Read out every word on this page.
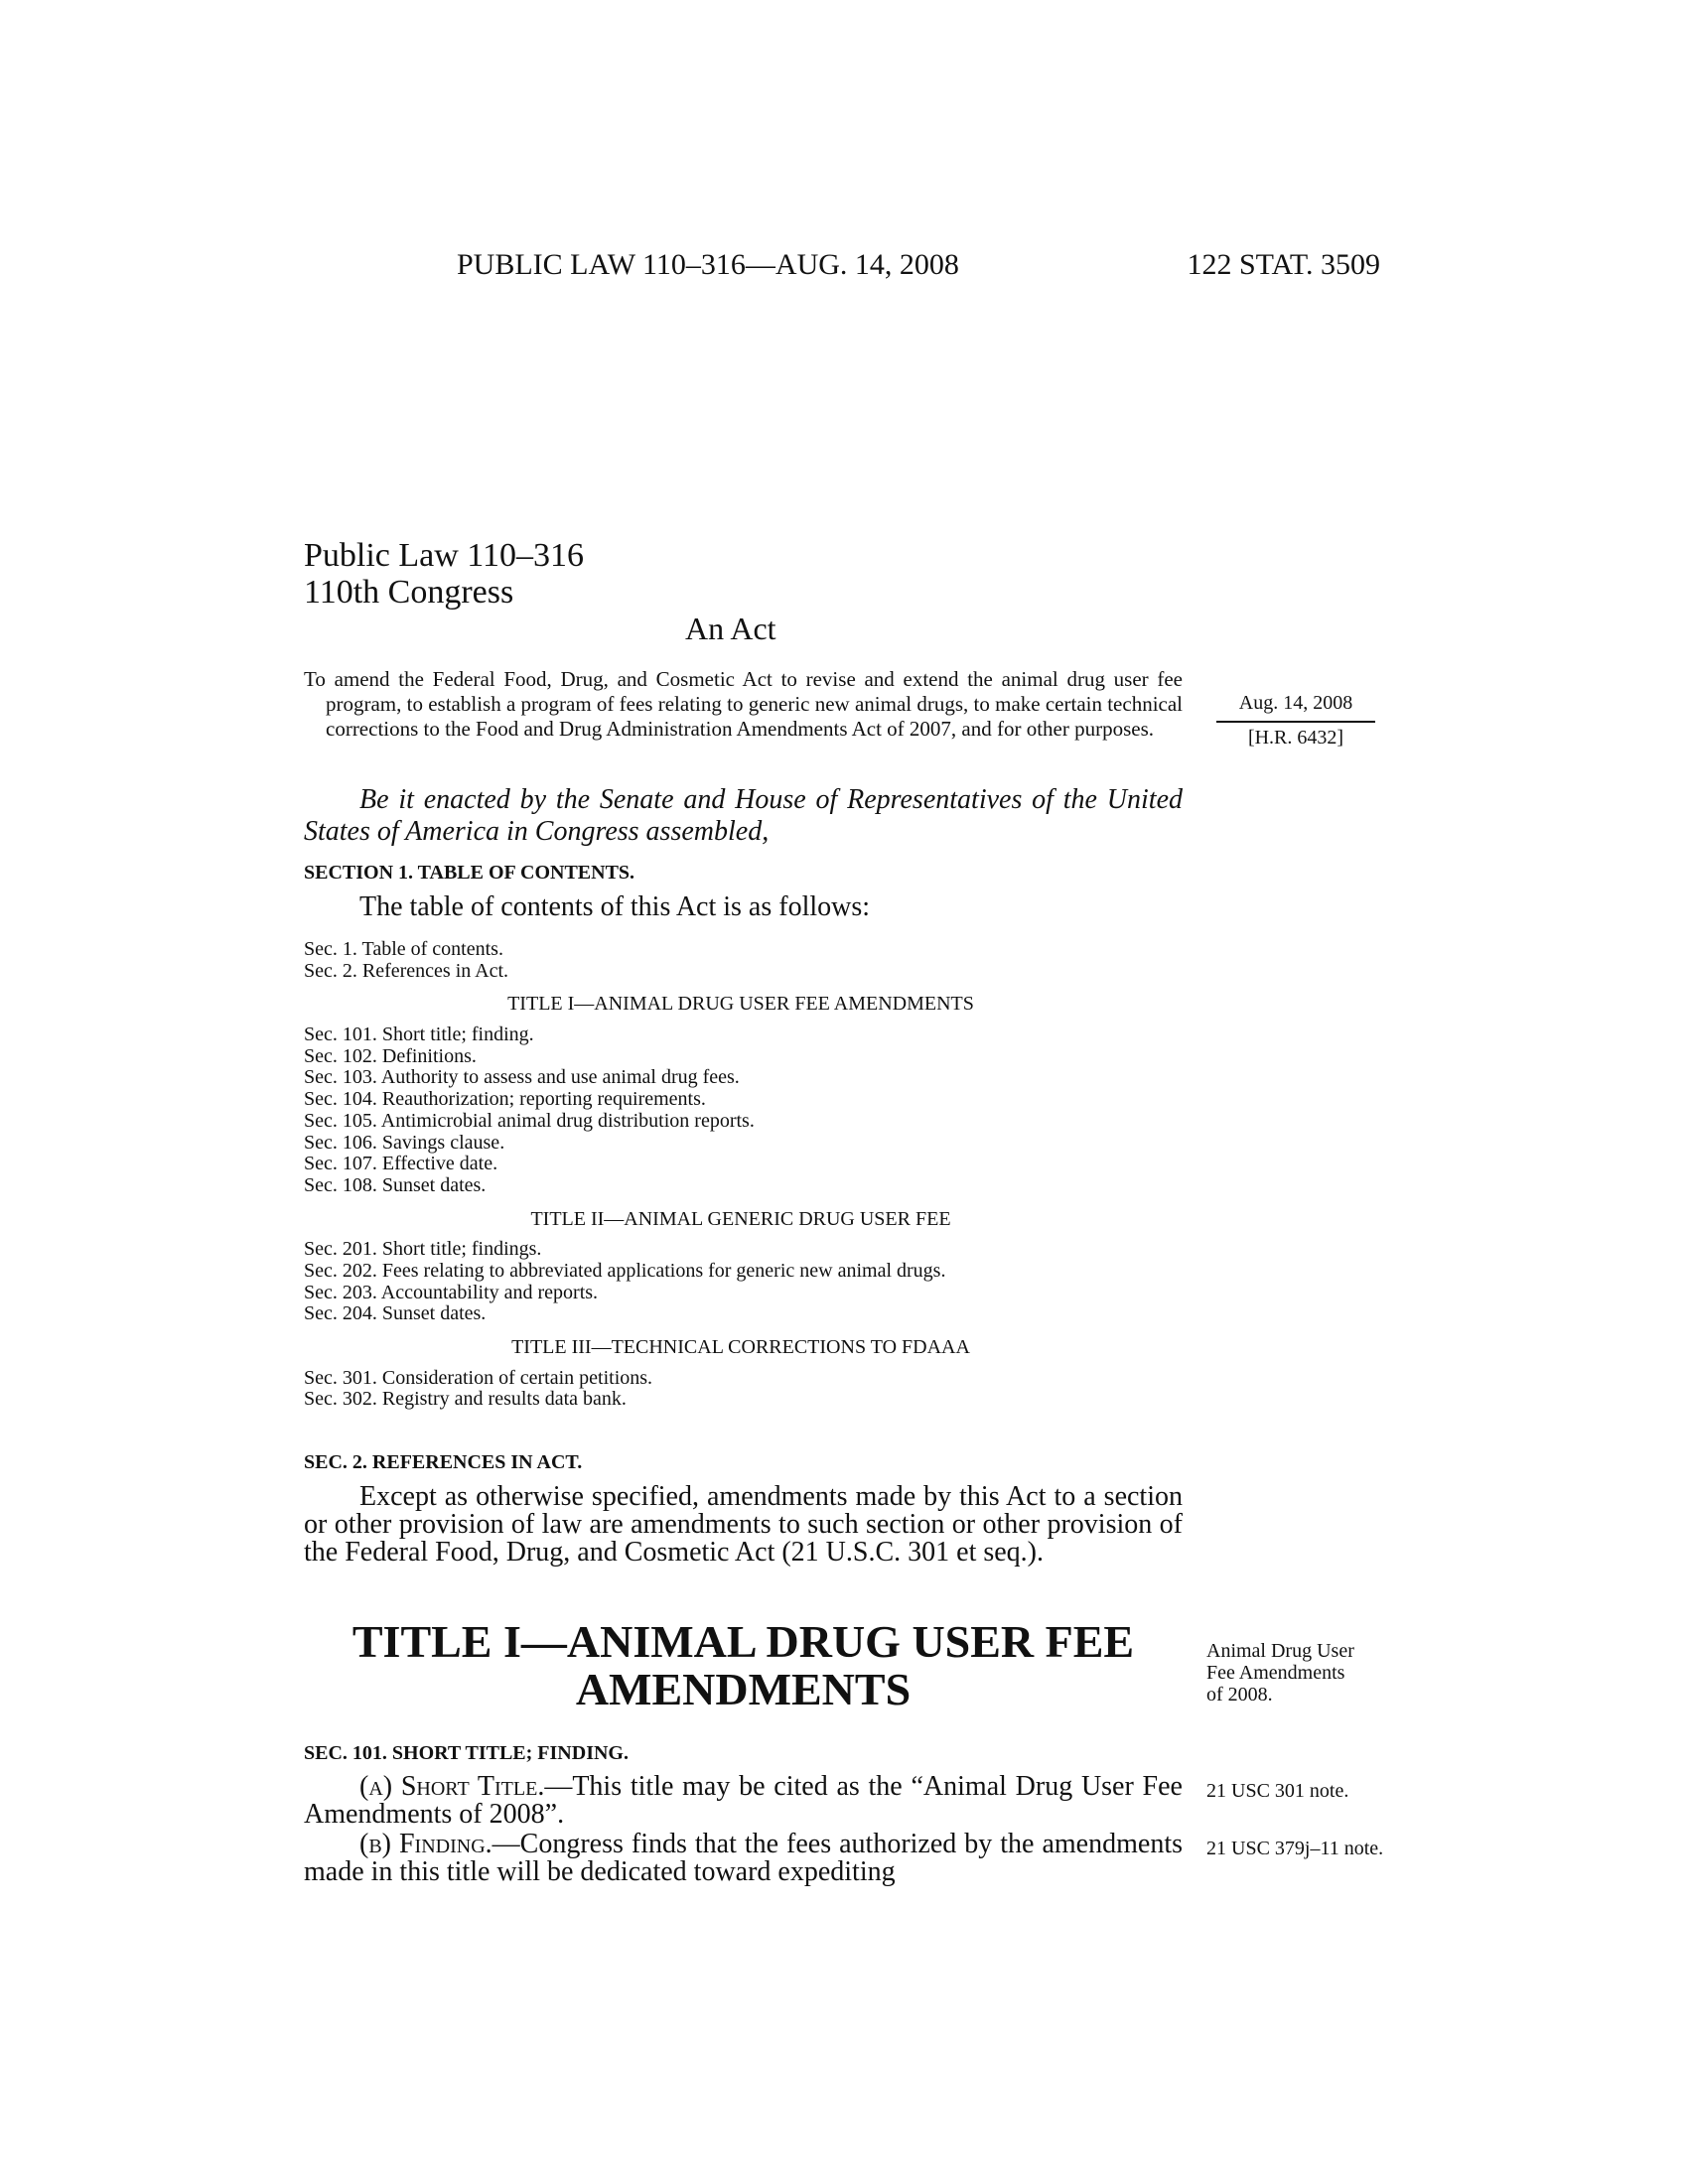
PUBLIC LAW 110–316—AUG. 14, 2008	122 STAT. 3509
Public Law 110–316
110th Congress
An Act
To amend the Federal Food, Drug, and Cosmetic Act to revise and extend the animal drug user fee program, to establish a program of fees relating to generic new animal drugs, to make certain technical corrections to the Food and Drug Administration Amendments Act of 2007, and for other purposes.
Aug. 14, 2008
[H.R. 6432]
Be it enacted by the Senate and House of Representatives of the United States of America in Congress assembled,
SECTION 1. TABLE OF CONTENTS.
The table of contents of this Act is as follows:
Sec. 1. Table of contents.
Sec. 2. References in Act.
TITLE I—ANIMAL DRUG USER FEE AMENDMENTS
Sec. 101. Short title; finding.
Sec. 102. Definitions.
Sec. 103. Authority to assess and use animal drug fees.
Sec. 104. Reauthorization; reporting requirements.
Sec. 105. Antimicrobial animal drug distribution reports.
Sec. 106. Savings clause.
Sec. 107. Effective date.
Sec. 108. Sunset dates.
TITLE II—ANIMAL GENERIC DRUG USER FEE
Sec. 201. Short title; findings.
Sec. 202. Fees relating to abbreviated applications for generic new animal drugs.
Sec. 203. Accountability and reports.
Sec. 204. Sunset dates.
TITLE III—TECHNICAL CORRECTIONS TO FDAAA
Sec. 301. Consideration of certain petitions.
Sec. 302. Registry and results data bank.
SEC. 2. REFERENCES IN ACT.
Except as otherwise specified, amendments made by this Act to a section or other provision of law are amendments to such section or other provision of the Federal Food, Drug, and Cosmetic Act (21 U.S.C. 301 et seq.).
TITLE I—ANIMAL DRUG USER FEE
AMENDMENTS
Animal Drug User Fee Amendments of 2008.
SEC. 101. SHORT TITLE; FINDING.
(a) Short Title.—This title may be cited as the “Animal Drug User Fee Amendments of 2008”.
21 USC 301 note.
(b) Finding.—Congress finds that the fees authorized by the amendments made in this title will be dedicated toward expediting
21 USC 379j–11 note.
